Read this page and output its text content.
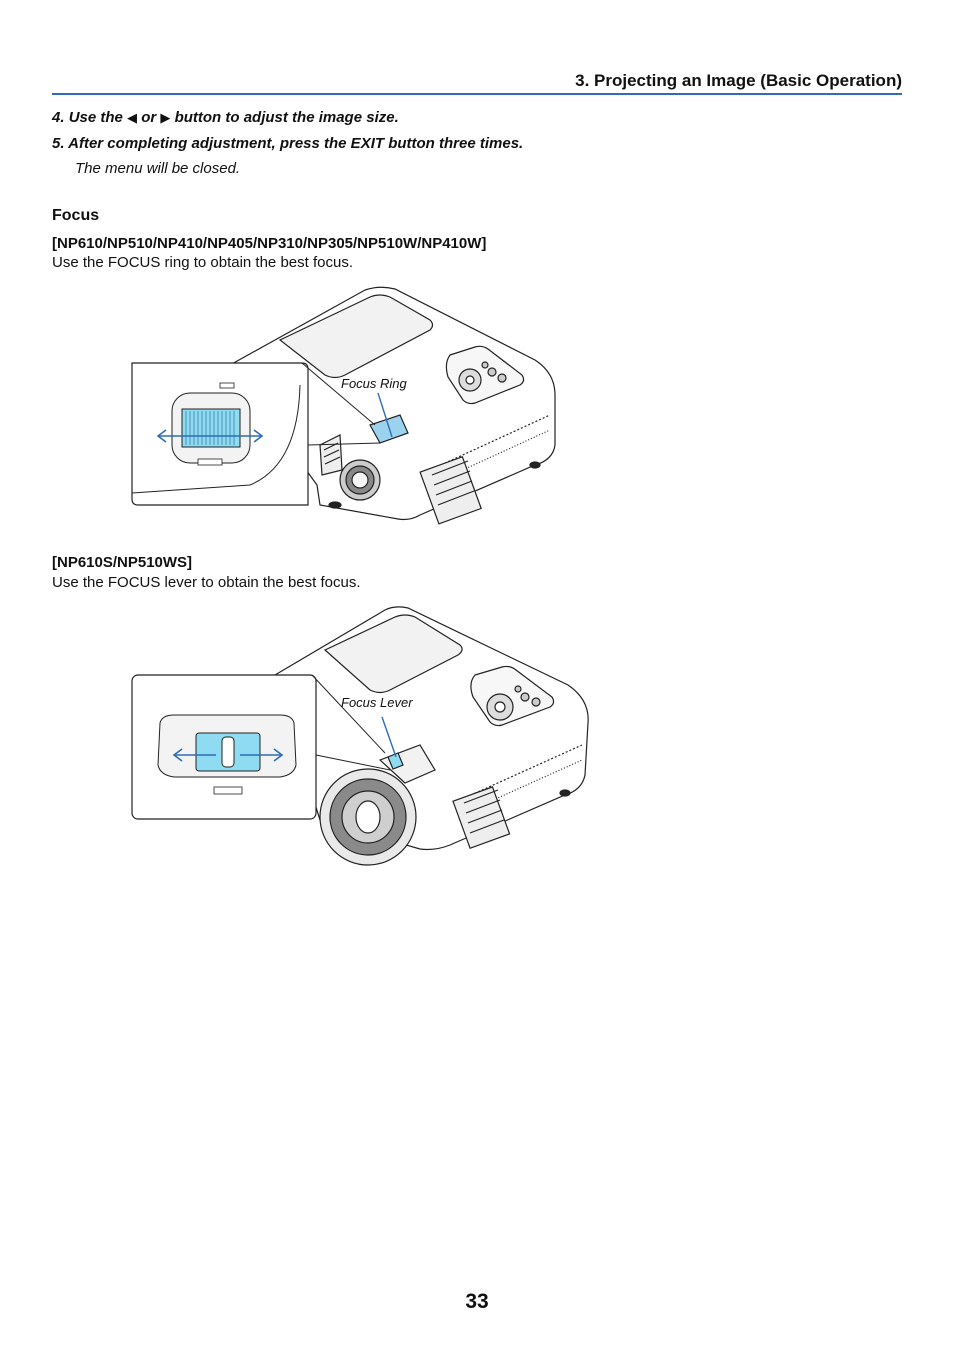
3. Projecting an Image (Basic Operation)
4. Use the ◀ or ▶ button to adjust the image size.
5. After completing adjustment, press the EXIT button three times.
The menu will be closed.
Focus
[NP610/NP510/NP410/NP405/NP310/NP305/NP510W/NP410W]
Use the FOCUS ring to obtain the best focus.
Focus Ring
[NP610S/NP510WS]
Use the FOCUS lever to obtain the best focus.
Focus Lever
33
